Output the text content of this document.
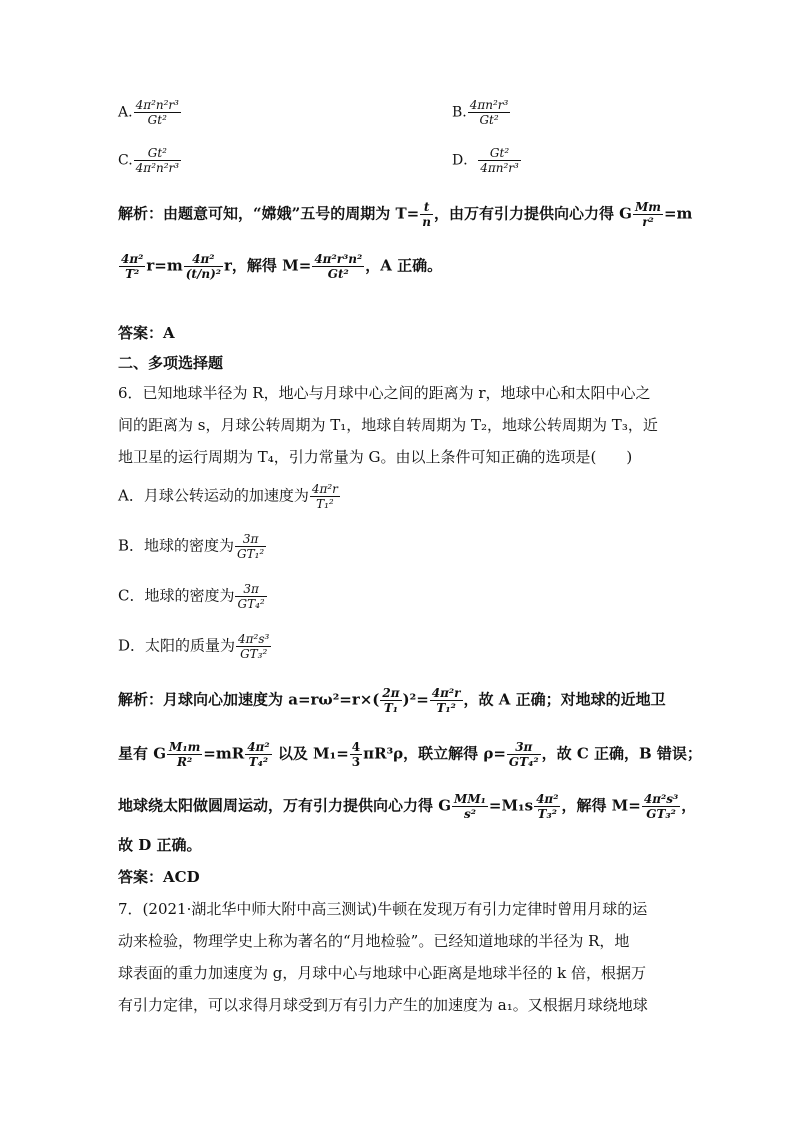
A. $\frac{\text{4π²n²r³}}{\text{Gt²}}$	B. $\frac{\text{4πn²r³}}{\text{Gt²}}$
C. $\frac{\text{Gt²}}{\text{4π²n²r³}}$	D． $\frac{\text{Gt²}}{\text{4πn²r³}}$
解析：由题意可知，“嫦娥”五号的周期为 $T= \frac{t}{n}$ ，由万有引力提供向心力得 G $\frac{Mm}{\text{r²}} =m$
$\frac{\text{4π²}}{\text{T²}} r=m \frac{\text{4π²}}{\text{(t/n)²}}$ r，解得 $M= \frac{\text{4π²r³n²}}{\text{Gt²}}$ ，A 正确。
答案：A
二、多项选择题
6．已知地球半径为 R，地心与月球中心之间的距离为 r，地球中心和太阳中心之
间的距离为 s，月球公转周期为 T₁，地球自转周期为 T₂，地球公转周期为 T₃，近
地卫星的运行周期为 T₄，引力常量为 G。由以上条件可知正确的选项是(　　)
A．月球公转运动的加速度为 $\frac{\text{4π²r}}{\text{T₁²}}$
B．地球的密度为 $\frac{3\pi}{\text{GT₁²}}$
C．地球的密度为 $\frac{3\pi}{\text{GT₄²}}$
D．太阳的质量为 $\frac{\text{4π²s³}}{\text{GT₃²}}$
解析：月球向心加速度为 $a=r\omega^2=r\times( \frac{2\pi}{\text{T₁}} )^2= \frac{\text{4π²r}}{\text{T₁²}}$ ，故 A 正确；对地球的近地卫
星有 G $\frac{\text{M₁m}}{\text{R²}} =mR \frac{\text{4π²}}{\text{T₄²}}$ 以及 $M_1= \frac{4}{3} \pi R^3\rho$，联立解得 $\rho= \frac{3\pi}{\text{GT₄²}}$ ，故 C 正确，B 错误；
地球绕太阳做圆周运动，万有引力提供向心力得 G $\frac{\text{MM₁}}{\text{s²}} =M_1s \frac{\text{4π²}}{\text{T₃²}}$ ，解得 $M= \frac{\text{4π²s³}}{\text{GT₃²}}$ ，
故 D 正确。
答案：ACD
7．(2021·湖北华中师大附中高三测试)牛顿在发现万有引力定律时曾用月球的运
动来检验，物理学史上称为著名的“月地检验”。已经知道地球的半径为 R，地
球表面的重力加速度为 g，月球中心与地球中心距离是地球半径的 k 倍，根据万
有引力定律，可以求得月球受到万有引力产生的加速度为 a₁。又根据月球绕地球
